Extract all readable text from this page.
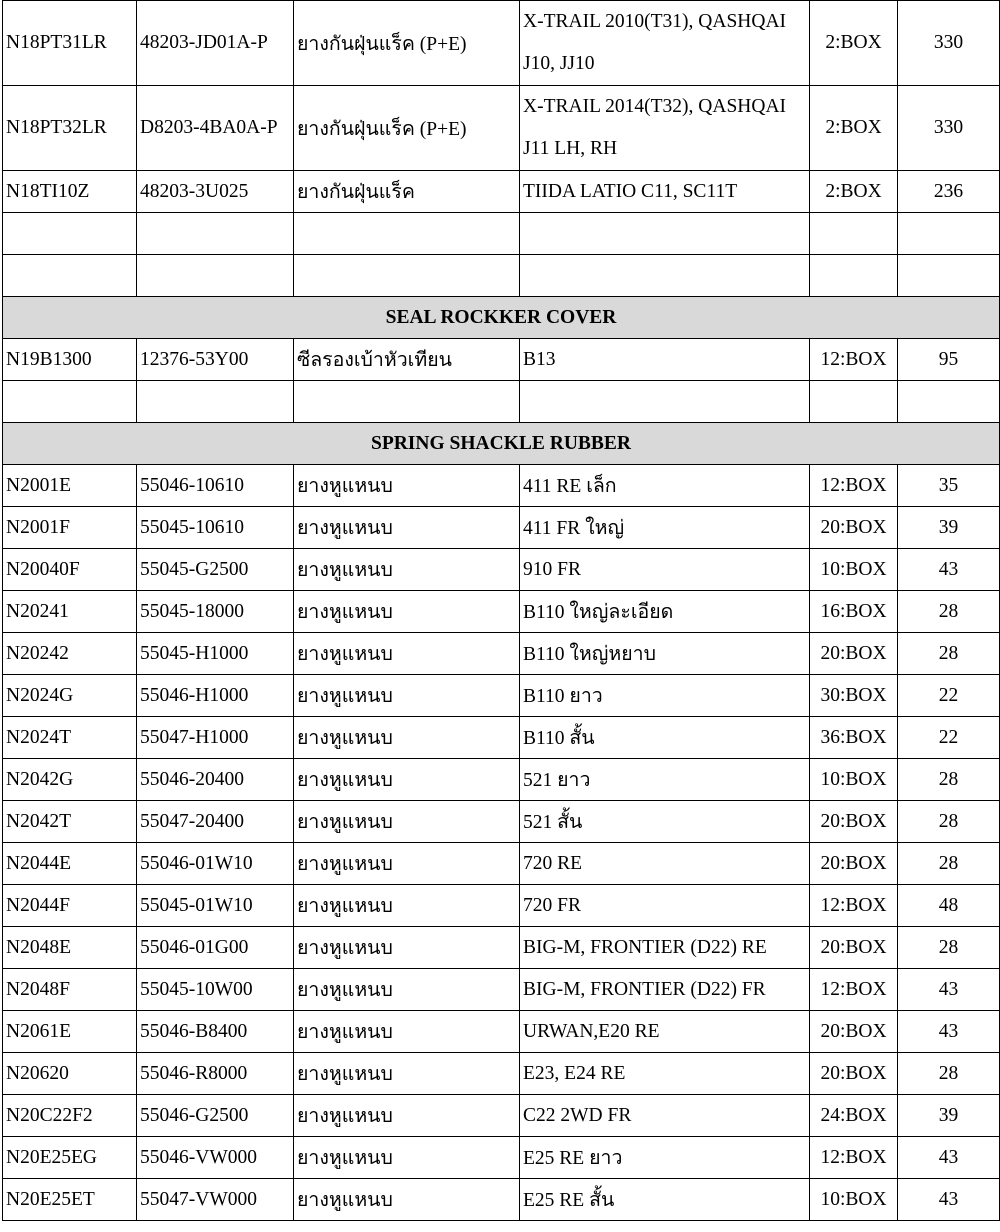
N18PT31LR	48203-JD01A-P	ยางกันฝุ่นแร็ค (P+E)	X-TRAIL 2010(T31), QASHQAI J10, JJ10	2:BOX	330
N18PT32LR	D8203-4BA0A-P	ยางกันฝุ่นแร็ค (P+E)	X-TRAIL 2014(T32), QASHQAI J11 LH, RH	2:BOX	330
N18TI10Z	48203-3U025	ยางกันฝุ่นแร็ค	TIIDA LATIO C11, SC11T	2:BOX	236

SEAL ROCKKER COVER					
N19B1300	12376-53Y00	ซีลรองเบ้าหัวเทียน	B13	12:BOX	95

SPRING SHACKLE RUBBER					
N2001E	55046-10610	ยางหูแหนบ	411 RE เล็ก	12:BOX	35
N2001F	55045-10610	ยางหูแหนบ	411 FR ใหญ่	20:BOX	39
N20040F	55045-G2500	ยางหูแหนบ	910 FR	10:BOX	43
N20241	55045-18000	ยางหูแหนบ	B110 ใหญ่ละเอียด	16:BOX	28
N20242	55045-H1000	ยางหูแหนบ	B110 ใหญ่หยาบ	20:BOX	28
N2024G	55046-H1000	ยางหูแหนบ	B110 ยาว	30:BOX	22
N2024T	55047-H1000	ยางหูแหนบ	B110 สั้น	36:BOX	22
N2042G	55046-20400	ยางหูแหนบ	521 ยาว	10:BOX	28
N2042T	55047-20400	ยางหูแหนบ	521 สั้น	20:BOX	28
N2044E	55046-01W10	ยางหูแหนบ	720 RE	20:BOX	28
N2044F	55045-01W10	ยางหูแหนบ	720 FR	12:BOX	48
N2048E	55046-01G00	ยางหูแหนบ	BIG-M, FRONTIER (D22) RE	20:BOX	28
N2048F	55045-10W00	ยางหูแหนบ	BIG-M, FRONTIER (D22) FR	12:BOX	43
N2061E	55046-B8400	ยางหูแหนบ	URWAN,E20 RE	20:BOX	43
N20620	55046-R8000	ยางหูแหนบ	E23, E24 RE	20:BOX	28
N20C22F2	55046-G2500	ยางหูแหนบ	C22 2WD FR	24:BOX	39
N20E25EG	55046-VW000	ยางหูแหนบ	E25 RE ยาว	12:BOX	43
N20E25ET	55047-VW000	ยางหูแหนบ	E25 RE สั้น	10:BOX	43
